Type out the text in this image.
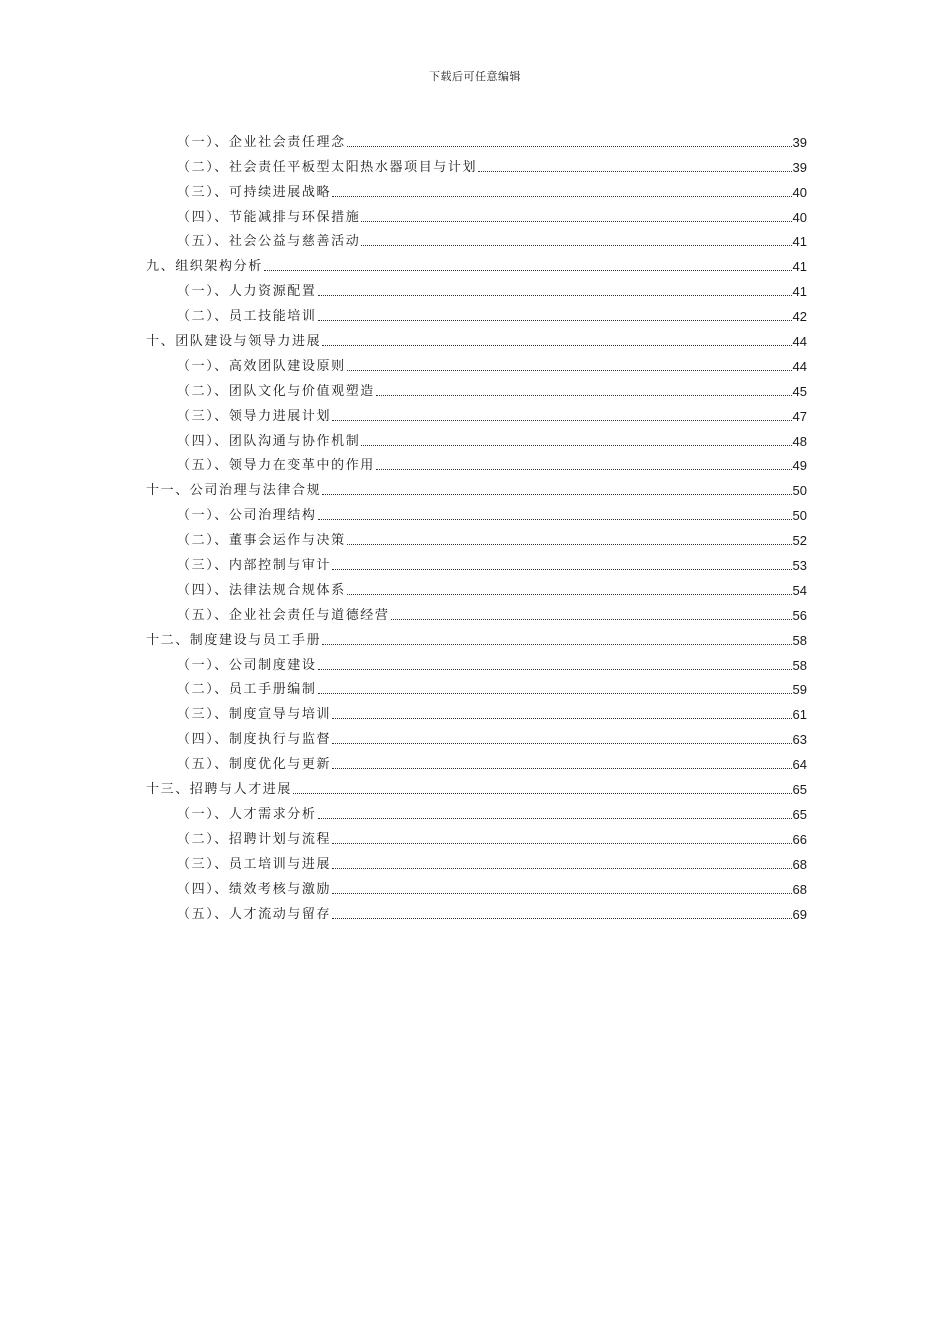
下载后可任意编辑
（一）、企业社会责任理念	39
（二）、社会责任平板型太阳热水器项目与计划	39
（三）、可持续进展战略	40
（四）、节能减排与环保措施	40
（五）、社会公益与慈善活动	41
九、组织架构分析	41
（一）、人力资源配置	41
（二）、员工技能培训	42
十、团队建设与领导力进展	44
（一）、高效团队建设原则	44
（二）、团队文化与价值观塑造	45
（三）、领导力进展计划	47
（四）、团队沟通与协作机制	48
（五）、领导力在变革中的作用	49
十一、公司治理与法律合规	50
（一）、公司治理结构	50
（二）、董事会运作与决策	52
（三）、内部控制与审计	53
（四）、法律法规合规体系	54
（五）、企业社会责任与道德经营	56
十二、制度建设与员工手册	58
（一）、公司制度建设	58
（二）、员工手册编制	59
（三）、制度宣导与培训	61
（四）、制度执行与监督	63
（五）、制度优化与更新	64
十三、招聘与人才进展	65
（一）、人才需求分析	65
（二）、招聘计划与流程	66
（三）、员工培训与进展	68
（四）、绩效考核与激励	68
（五）、人才流动与留存	69
